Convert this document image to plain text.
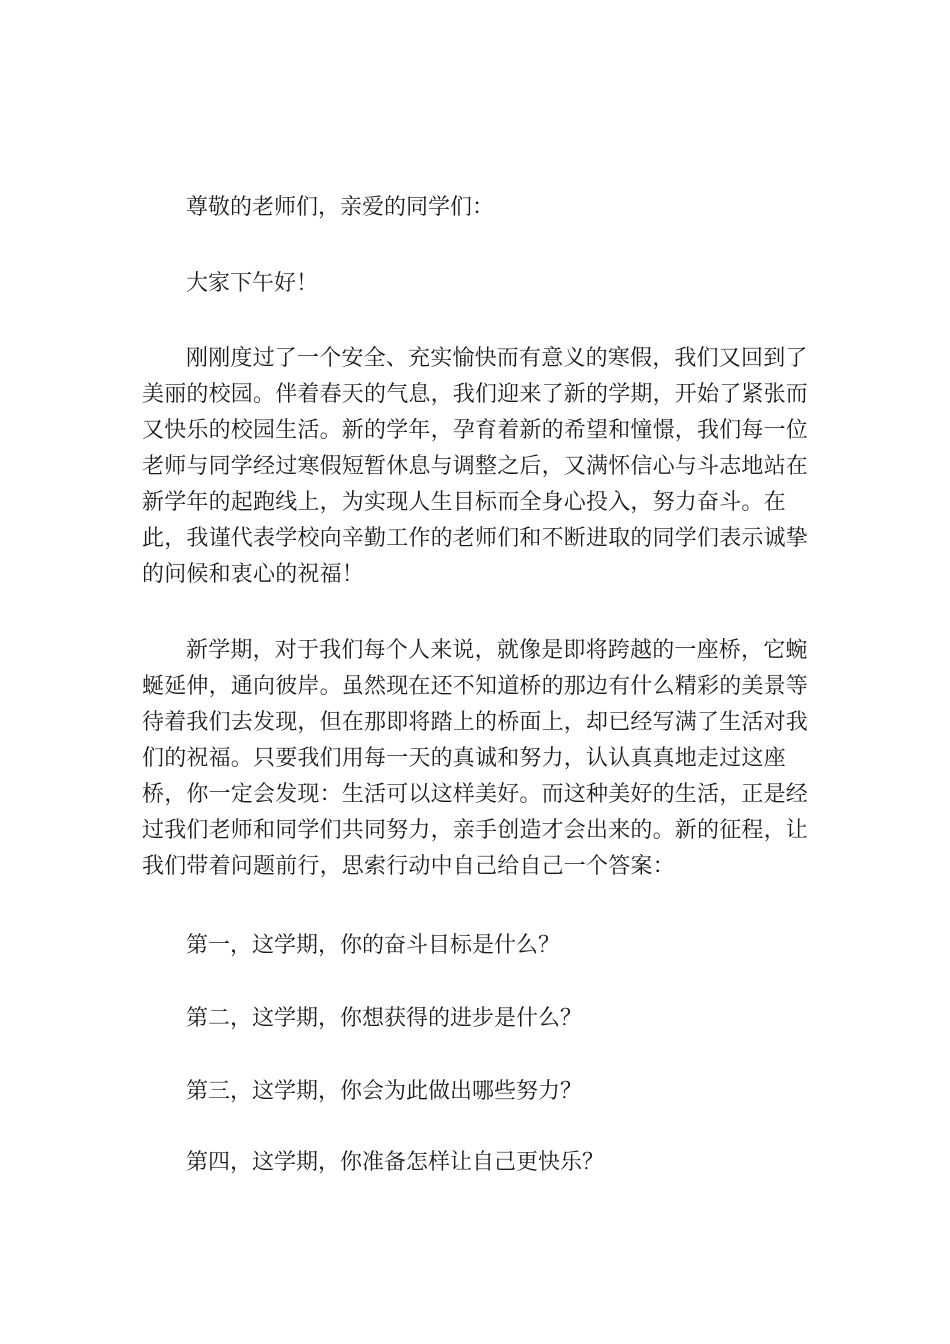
尊敬的老师们，亲爱的同学们：

大家下午好！

刚刚度过了一个安全、充实愉快而有意义的寒假，我们又回到了美丽的校园。伴着春天的气息，我们迎来了新的学期，开始了紧张而又快乐的校园生活。新的学年，孕育着新的希望和憧憬，我们每一位老师与同学经过寒假短暂休息与调整之后，又满怀信心与斗志地站在新学年的起跑线上，为实现人生目标而全身心投入，努力奋斗。在此，我谨代表学校向辛勤工作的老师们和不断进取的同学们表示诚挚的问候和衷心的祝福！

新学期，对于我们每个人来说，就像是即将跨越的一座桥，它蜿蜒延伸，通向彼岸。虽然现在还不知道桥的那边有什么精彩的美景等待着我们去发现，但在那即将踏上的桥面上，却已经写满了生活对我们的祝福。只要我们用每一天的真诚和努力，认认真真地走过这座桥，你一定会发现：生活可以这样美好。而这种美好的生活，正是经过我们老师和同学们共同努力，亲手创造才会出来的。新的征程，让我们带着问题前行，思索行动中自己给自己一个答案：

第一，这学期，你的奋斗目标是什么？

第二，这学期，你想获得的进步是什么？

第三，这学期，你会为此做出哪些努力？

第四，这学期，你准备怎样让自己更快乐？
